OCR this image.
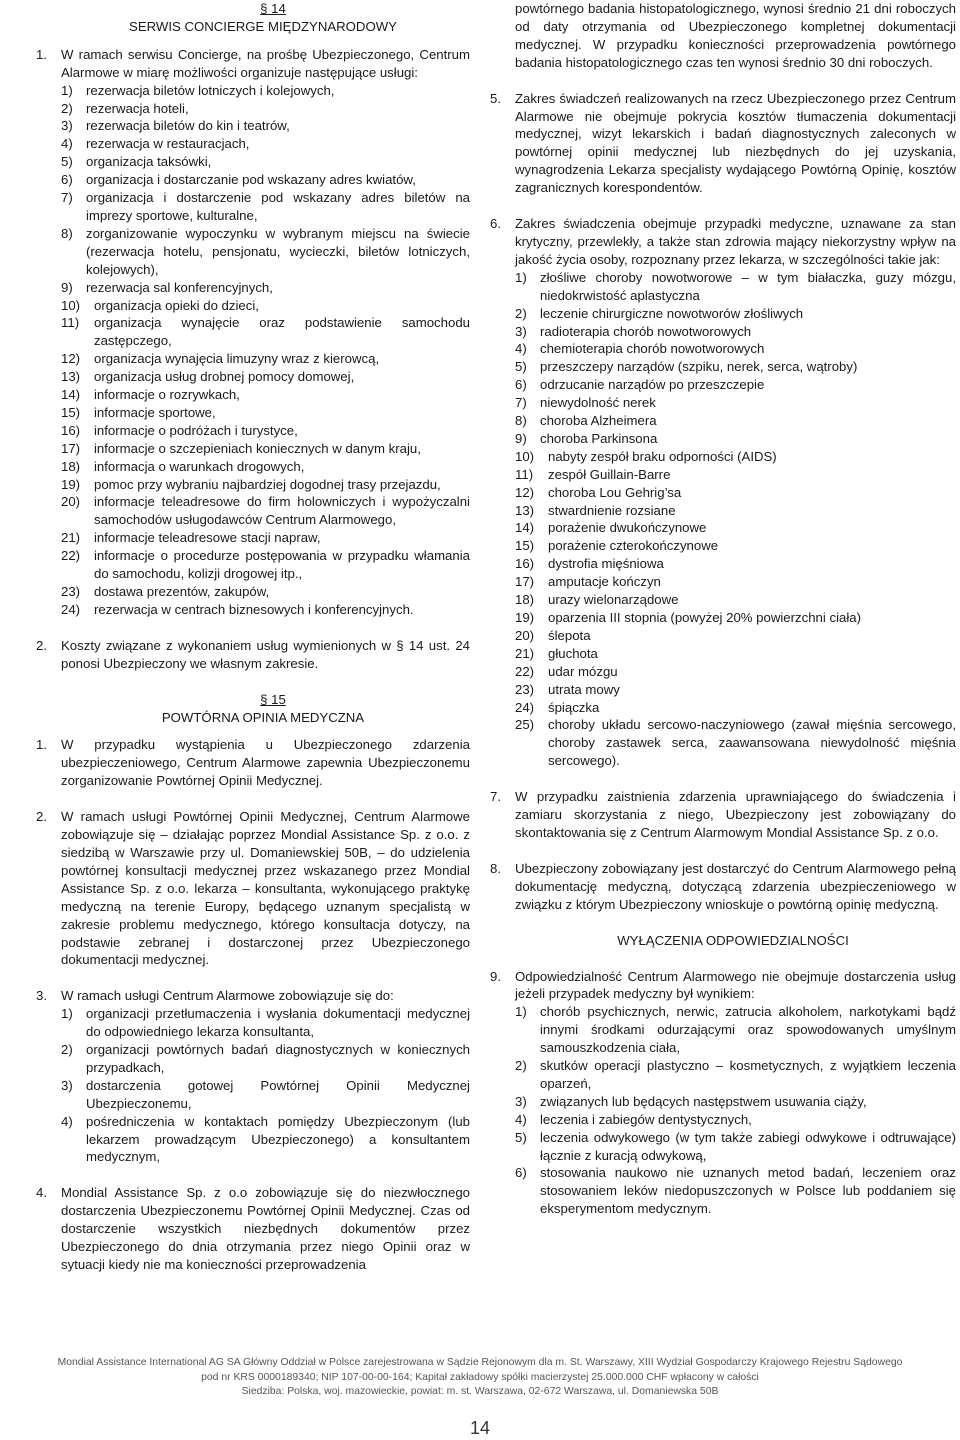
§ 14
SERWIS CONCIERGE MIĘDZYNARODOWY
1.	W ramach serwisu Concierge, na prośbę Ubezpieczonego, Centrum Alarmowe w miarę możliwości organizuje następujące usługi:
1)	rezerwacja biletów lotniczych i kolejowych,
2)	rezerwacja hoteli,
3)	rezerwacja biletów do kin i teatrów,
4)	rezerwacja w restauracjach,
5)	organizacja taksówki,
6)	organizacja i dostarczanie pod wskazany adres kwiatów,
7)	organizacja i dostarczenie pod wskazany adres biletów na imprezy sportowe, kulturalne,
8)	zorganizowanie wypoczynku w wybranym miejscu na świecie (rezerwacja hotelu, pensjonatu, wycieczki, biletów lotniczych, kolejowych),
9)	rezerwacja sal konferencyjnych,
10)	organizacja opieki do dzieci,
11)	organizacja wynajęcie oraz podstawienie samochodu zastępczego,
12)	organizacja wynajęcia limuzyny wraz z kierowcą,
13)	organizacja usług drobnej pomocy domowej,
14)	informacje o rozrywkach,
15)	informacje sportowe,
16)	informacje o podróżach i turystyce,
17)	informacje o szczepieniach koniecznych w danym kraju,
18)	informacja o warunkach drogowych,
19)	pomoc przy wybraniu najbardziej dogodnej trasy przejazdu,
20)	informacje teleadresowe do firm holowniczych i wypożyczalni samochodów usługodawców Centrum Alarmowego,
21)	informacje teleadresowe stacji napraw,
22)	informacje o procedurze postępowania w przypadku włamania do samochodu, kolizji drogowej itp.,
23)	dostawa prezentów, zakupów,
24)	rezerwacja w centrach biznesowych i konferencyjnych.
2.	Koszty związane z wykonaniem usług wymienionych w § 14 ust. 24 ponosi Ubezpieczony we własnym zakresie.
§ 15
POWTÓRNA OPINIA MEDYCZNA
1.	W przypadku wystąpienia u Ubezpieczonego zdarzenia ubezpieczeniowego, Centrum Alarmowe zapewnia Ubezpieczonemu zorganizowanie Powtórnej Opinii Medycznej.
2.	W ramach usługi Powtórnej Opinii Medycznej, Centrum Alarmowe zobowiązuje się – działając poprzez Mondial Assistance Sp. z o.o. z siedzibą w Warszawie przy ul. Domaniewskiej 50B, – do udzielenia powtórnej konsultacji medycznej przez wskazanego przez Mondial Assistance Sp. z o.o. lekarza – konsultanta, wykonującego praktykę medyczną na terenie Europy, będącego uznanym specjalistą w zakresie problemu medycznego, którego konsultacja dotyczy, na podstawie zebranej i dostarczonej przez Ubezpieczonego dokumentacji medycznej.
3.	W ramach usługi Centrum Alarmowe zobowiązuje się do:
1)	organizacji przetłumaczenia i wysłania dokumentacji medycznej do odpowiedniego lekarza konsultanta,
2)	organizacji powtórnych badań diagnostycznych w koniecznych przypadkach,
3)	dostarczenia gotowej Powtórnej Opinii Medycznej Ubezpieczonemu,
4)	pośredniczenia w kontaktach pomiędzy Ubezpieczonym (lub lekarzem prowadzącym Ubezpieczonego) a konsultantem medycznym,
4.	Mondial Assistance Sp. z o.o zobowiązuje się do niezwłocznego dostarczenia Ubezpieczonemu Powtórnej Opinii Medycznej. Czas od dostarczenie wszystkich niezbędnych dokumentów przez Ubezpieczonego do dnia otrzymania przez niego Opinii oraz w sytuacji kiedy nie ma konieczności przeprowadzenia
powtórnego badania histopatologicznego, wynosi średnio 21 dni roboczych od daty otrzymania od Ubezpieczonego kompletnej dokumentacji medycznej. W przypadku konieczności przeprowadzenia powtórnego badania histopatologicznego czas ten wynosi średnio 30 dni roboczych.
5.	Zakres świadczeń realizowanych na rzecz Ubezpieczonego przez Centrum Alarmowe nie obejmuje pokrycia kosztów tłumaczenia dokumentacji medycznej, wizyt lekarskich i badań diagnostycznych zaleconych w powtórnej opinii medycznej lub niezbędnych do jej uzyskania, wynagrodzenia Lekarza specjalisty wydającego Powtórną Opinię, kosztów zagranicznych korespondentów.
6.	Zakres świadczenia obejmuje przypadki medyczne, uznawane za stan krytyczny, przewlekły, a także stan zdrowia mający niekorzystny wpływ na jakość życia osoby, rozpoznany przez lekarza, w szczególności takie jak:
1)	złośliwe choroby nowotworowe – w tym białaczka, guzy mózgu, niedokrwistość aplastyczna
2)	leczenie chirurgiczne nowotworów złośliwych
3)	radioterapia chorób nowotworowych
4)	chemioterapia chorób nowotworowych
5)	przeszczepy narządów (szpiku, nerek, serca, wątroby)
6)	odrzucanie narządów po przeszczepie
7)	niewydolność nerek
8)	choroba Alzheimera
9)	choroba Parkinsona
10)	nabyty zespół braku odporności (AIDS)
11)	zespół Guillain-Barre
12)	choroba Lou Gehrig’sa
13)	stwardnienie rozsiane
14)	porażenie dwukończynowe
15)	porażenie czterokończynowe
16)	dystrofia mięśniowa
17)	amputacje kończyn
18)	urazy wielonarządowe
19)	oparzenia III stopnia (powyżej 20% powierzchni ciała)
20)	ślepota
21)	głuchota
22)	udar mózgu
23)	utrata mowy
24)	śpiączka
25)	choroby układu sercowo-naczyniowego (zawał mięśnia sercowego, choroby zastawek serca, zaawansowana niewydolność mięśnia sercowego).
7.	W przypadku zaistnienia zdarzenia uprawniającego do świadczenia i zamiaru skorzystania z niego, Ubezpieczony jest zobowiązany do skontaktowania się z Centrum Alarmowym Mondial Assistance Sp. z o.o.
8.	Ubezpieczony zobowiązany jest dostarczyć do Centrum Alarmowego pełną dokumentację medyczną, dotyczącą zdarzenia ubezpieczeniowego w związku z którym Ubezpieczony wnioskuje o powtórną opinię medyczną.
WYŁĄCZENIA ODPOWIEDZIALNOŚCI
9.	Odpowiedzialność Centrum Alarmowego nie obejmuje dostarczenia usług jeżeli przypadek medyczny był wynikiem:
1)	chorób psychicznych, nerwic, zatrucia alkoholem, narkotykami bądź innymi środkami odurzającymi oraz spowodowanych umyślnym samouszkodzenia ciała,
2)	skutków operacji plastyczno – kosmetycznych, z wyjątkiem leczenia oparzeń,
3)	związanych lub będących następstwem usuwania ciąży,
4)	leczenia i zabiegów dentystycznych,
5)	leczenia odwykowego (w tym także zabiegi odwykowe i odtruwające) łącznie z kuracją odwykową,
6)	stosowania naukowo nie uznanych metod badań, leczeniem oraz stosowaniem leków niedopuszczonych w Polsce lub poddaniem się eksperymentom medycznym.
Mondial Assistance International AG SA Główny Oddział w Polsce zarejestrowana w Sądzie Rejonowym dla m. St. Warszawy, XIII Wydział Gospodarczy Krajowego Rejestru Sądowego
pod nr KRS 0000189340; NIP 107-00-00-164; Kapitał zakładowy spółki macierzystej 25.000.000 CHF wpłacony w całości
Siedziba: Polska, woj. mazowieckie, powiat: m. st. Warszawa, 02-672 Warszawa, ul. Domaniewska 50B
14
